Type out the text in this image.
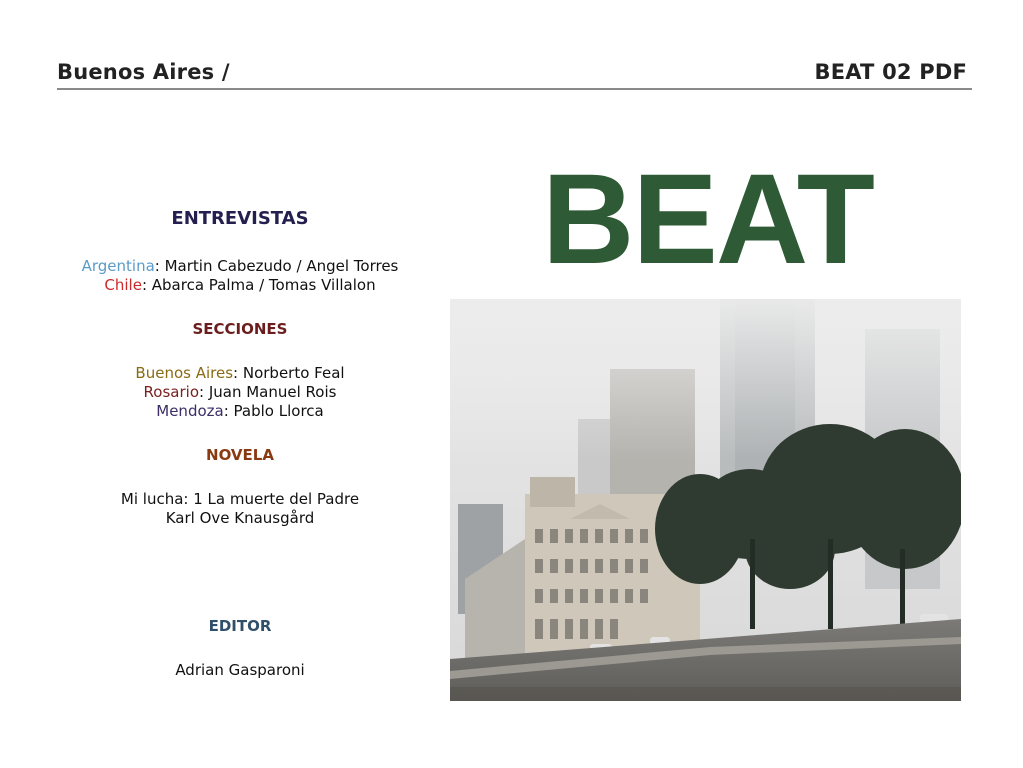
Buenos Aires /	BEAT 02 PDF
ENTREVISTAS
Argentina: Martin Cabezudo / Angel Torres
Chile: Abarca Palma / Tomas Villalon
SECCIONES
Buenos Aires: Norberto Feal
Rosario: Juan Manuel Rois
Mendoza: Pablo Llorca
NOVELA
Mi lucha: 1 La muerte del Padre
Karl Ove Knausgård
EDITOR
Adrian Gasparoni
BEAT
